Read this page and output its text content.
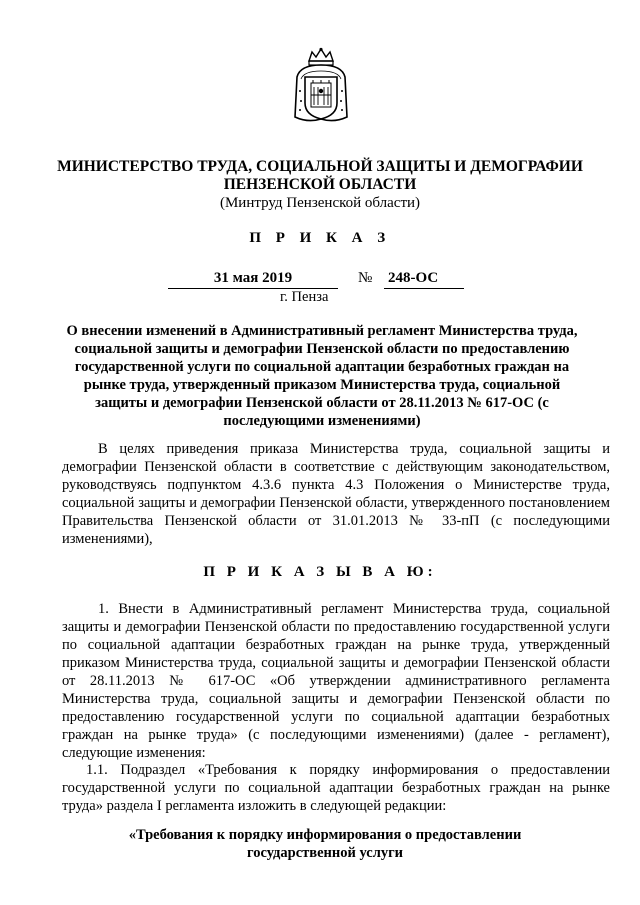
МИНИСТЕРСТВО ТРУДА, СОЦИАЛЬНОЙ ЗАЩИТЫ И ДЕМОГРАФИИ
ПЕНЗЕНСКОЙ ОБЛАСТИ
(Минтруд Пензенской области)
П Р И К А З
31 мая 2019	№ 248-ОС
г. Пенза
О внесении изменений в Административный регламент Министерства труда, социальной защиты и демографии Пензенской области по предоставлению государственной услуги по социальной адаптации безработных граждан на рынке труда, утвержденный приказом Министерства труда, социальной защиты и демографии Пензенской области от 28.11.2013 № 617-ОС (с последующими изменениями)
В целях приведения приказа Министерства труда, социальной защиты и демографии Пензенской области в соответствие с действующим законодательством, руководствуясь подпунктом 4.3.6 пункта 4.3 Положения о Министерстве труда, социальной защиты и демографии Пензенской области, утвержденного постановлением Правительства Пензенской области от 31.01.2013 № 33-пП (с последующими изменениями),
П Р И К А З Ы В А Ю:
1. Внести в Административный регламент Министерства труда, социальной защиты и демографии Пензенской области по предоставлению государственной услуги по социальной адаптации безработных граждан на рынке труда, утвержденный приказом Министерства труда, социальной защиты и демографии Пензенской области от 28.11.2013 № 617-ОС «Об утверждении административного регламента Министерства труда, социальной защиты и демографии Пензенской области по предоставлению государственной услуги по социальной адаптации безработных граждан на рынке труда» (с последующими изменениями) (далее - регламент), следующие изменения:
1.1. Подраздел «Требования к порядку информирования о предоставлении государственной услуги по социальной адаптации безработных граждан на рынке труда» раздела I регламента изложить в следующей редакции:
«Требования к порядку информирования о предоставлении государственной услуги
